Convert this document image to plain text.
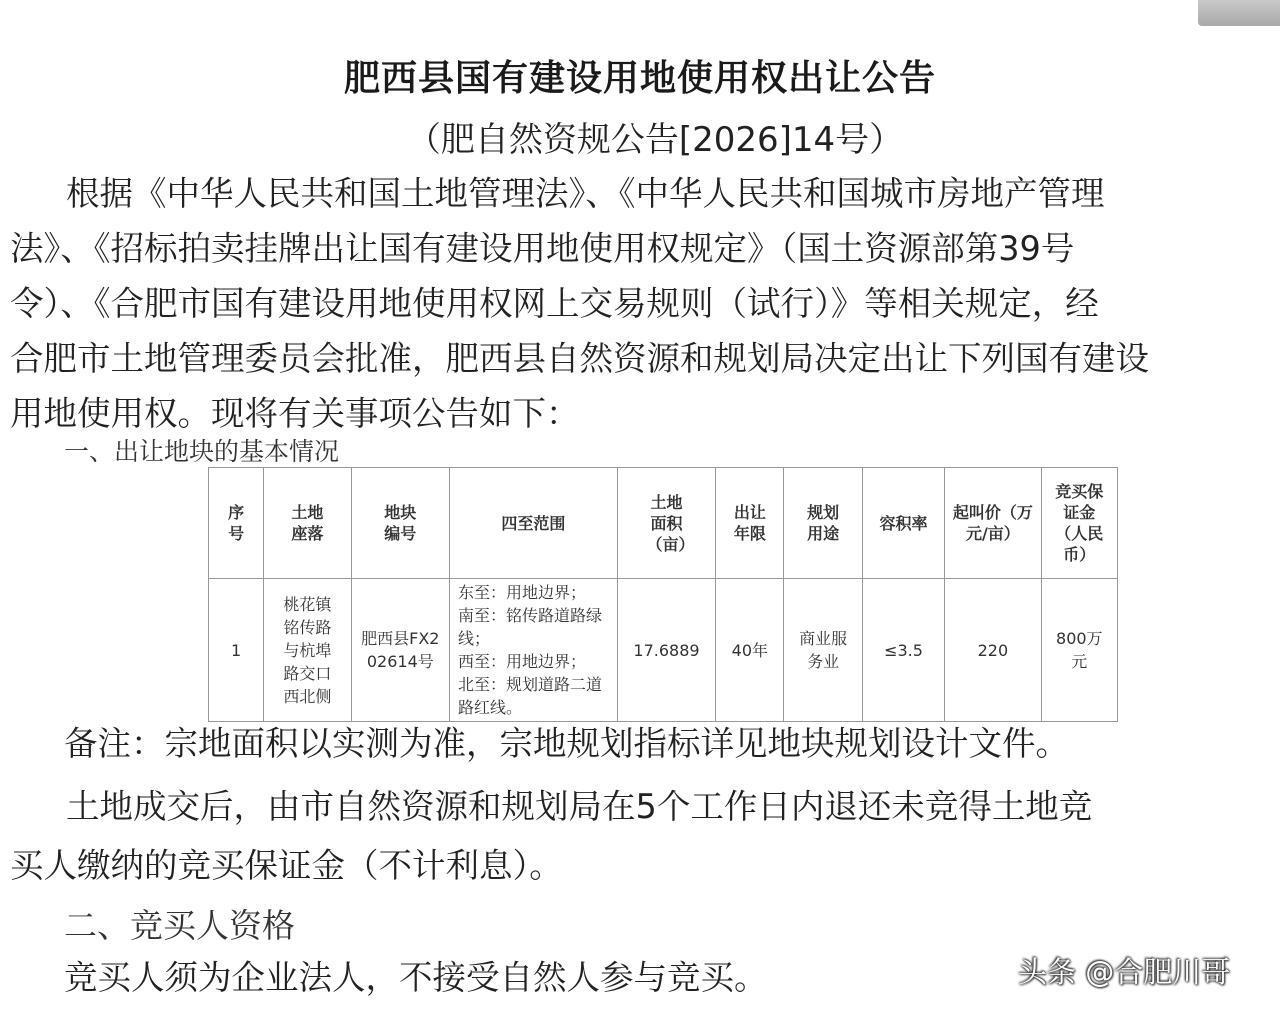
肥西县国有建设用地使用权出让公告
（肥自然资规公告[2026]14号）
根据《中华人民共和国土地管理法》、《中华人民共和国城市房地产管理
法》、《招标拍卖挂牌出让国有建设用地使用权规定》（国土资源部第39号
令）、《合肥市国有建设用地使用权网上交易规则（试行）》等相关规定，经
合肥市土地管理委员会批准，肥西县自然资源和规划局决定出让下列国有建设
用地使用权。现将有关事项公告如下：
一、出让地块的基本情况
序号	土地座落	地块编号	四至范围	土地面积（亩）	出让年限	规划用途	容积率	起叫价（万元/亩）	竞买保证金（人民币）
1	桃花镇铭传路与杭埠路交口西北侧	肥西县FX202614号	东至：用地边界；
南至：铭传路道路绿线；
西至：用地边界；
北至：规划道路二道路红线。	17.6889	40年	商业服务业	≤3.5	220	800万元
备注：宗地面积以实测为准，宗地规划指标详见地块规划设计文件。
土地成交后，由市自然资源和规划局在5个工作日内退还未竞得土地竞
买人缴纳的竞买保证金（不计利息）。
二、竞买人资格
竞买人须为企业法人，不接受自然人参与竞买。	头条 @合肥川哥
